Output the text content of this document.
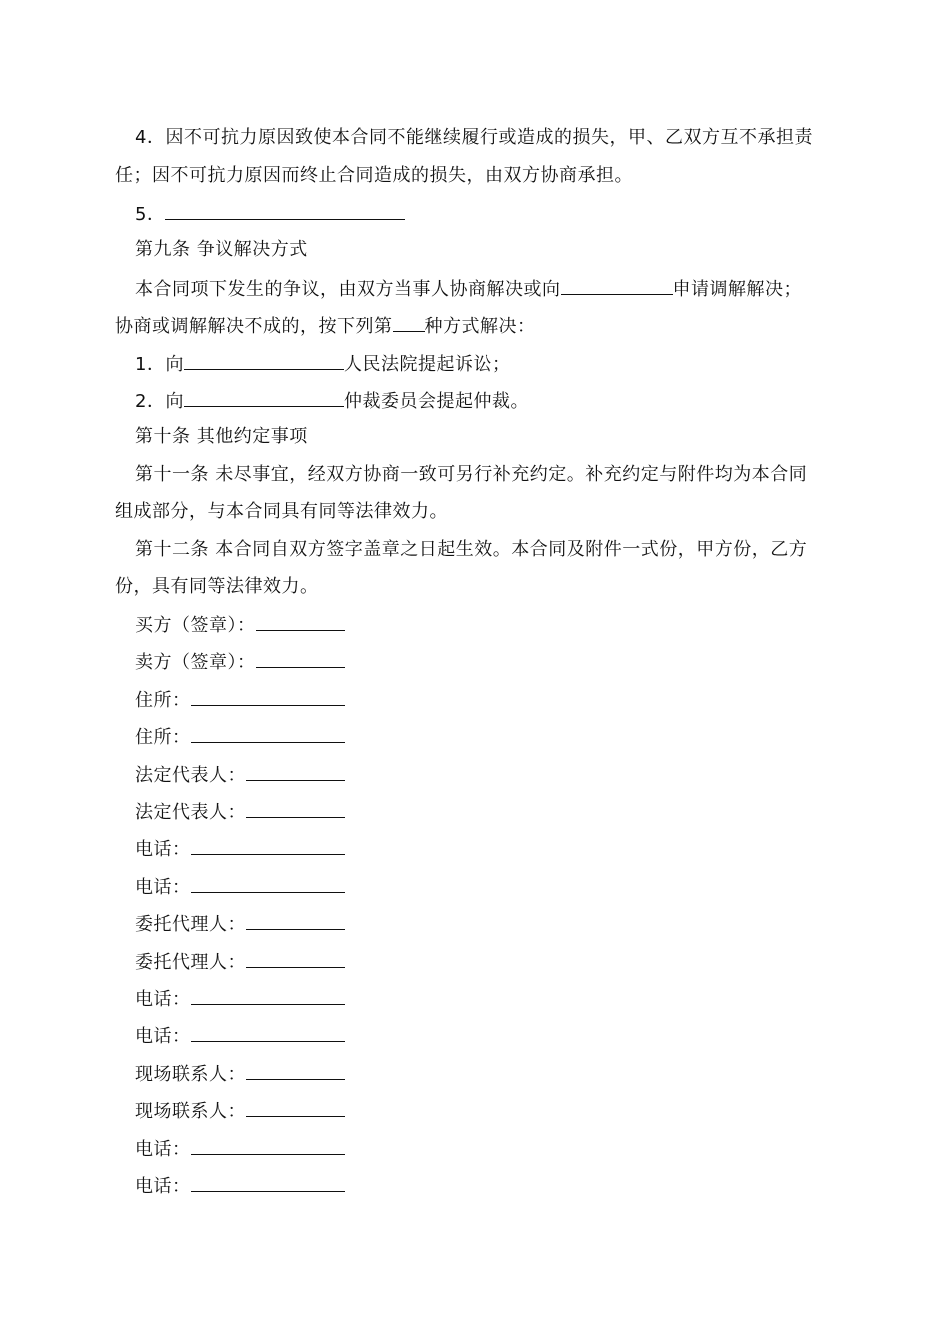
4．因不可抗力原因致使本合同不能继续履行或造成的损失，甲、乙双方互不承担责
任；因不可抗力原因而终止合同造成的损失，由双方协商承担。
5．
第九条 争议解决方式
本合同项下发生的争议，由双方当事人协商解决或向	申请调解解决；
协商或调解解决不成的，按下列第 种方式解决：
1．向	人民法院提起诉讼；
2．向	仲裁委员会提起仲裁。
第十条 其他约定事项
第十一条 未尽事宜，经双方协商一致可另行补充约定。补充约定与附件均为本合同
组成部分，与本合同具有同等法律效力。
第十二条 本合同自双方签字盖章之日起生效。本合同及附件一式份，甲方份，乙方
份，具有同等法律效力。
买方（签章）：
卖方（签章）：
住所：
住所：
法定代表人：
法定代表人：
电话：
电话：
委托代理人：
委托代理人：
电话：
电话：
现场联系人：
现场联系人：
电话：
电话：
